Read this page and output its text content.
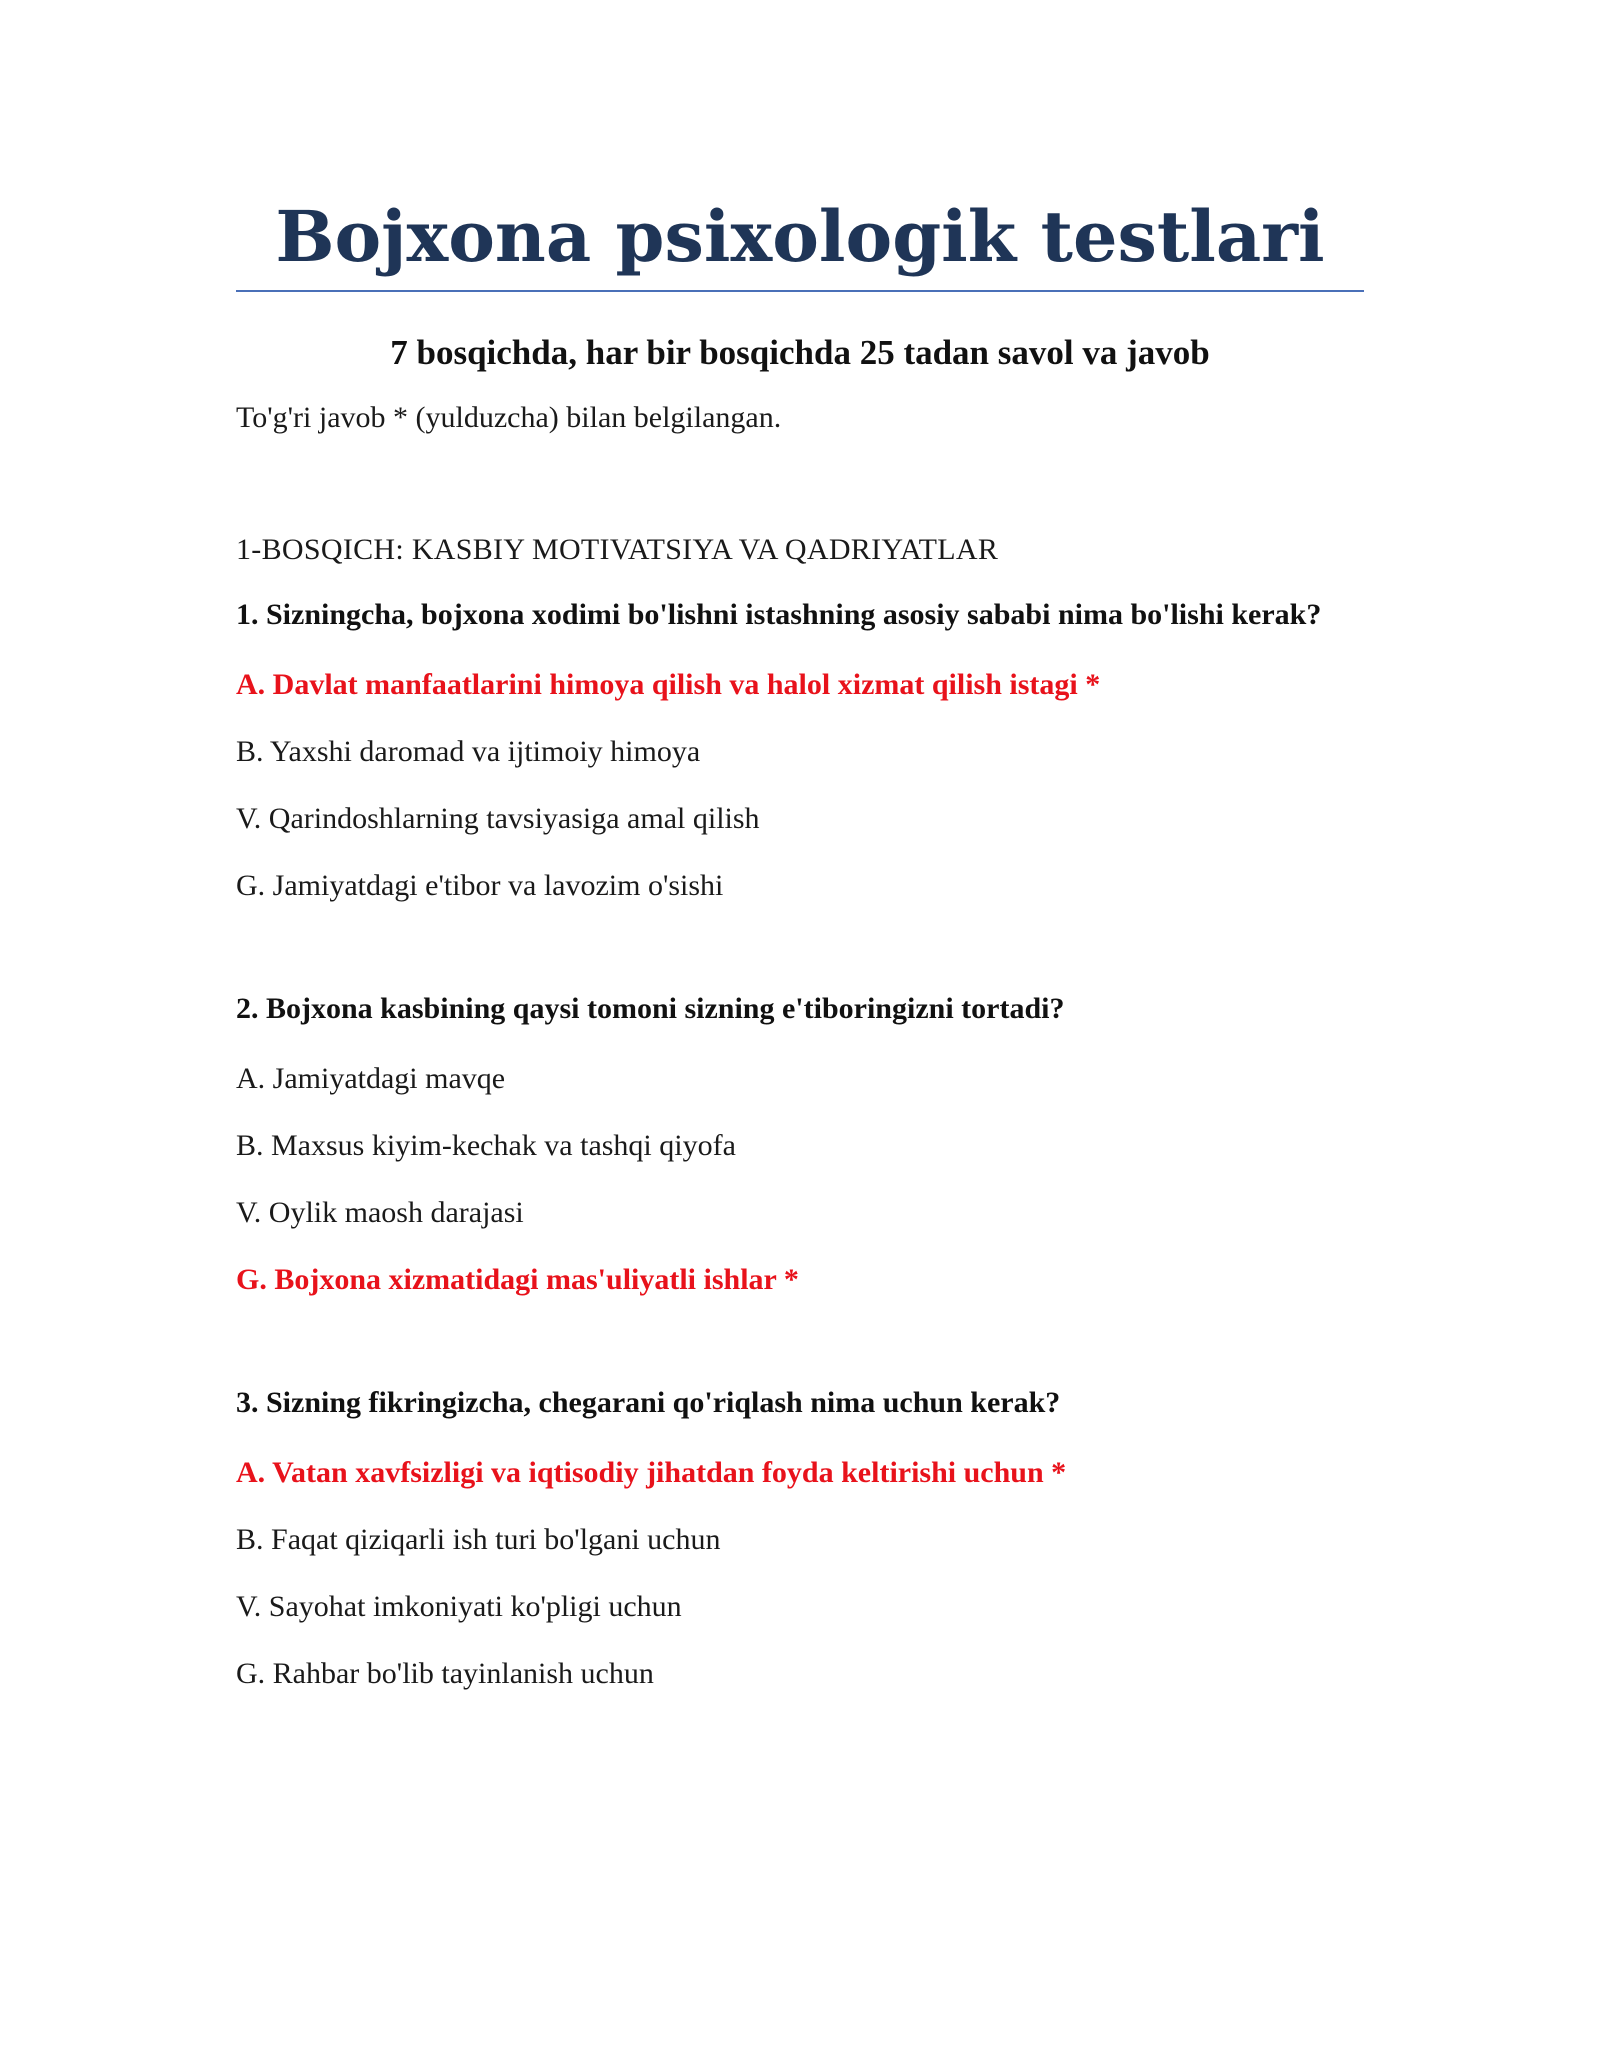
Bojxona psixologik testlari
7 bosqichda, har bir bosqichda 25 tadan savol va javob

To'g'ri javob * (yulduzcha) bilan belgilangan.

1-BOSQICH: KASBIY MOTIVATSIYA VA QADRIYATLAR

1. Sizningcha, bojxona xodimi bo'lishni istashning asosiy sababi nima bo'lishi kerak?

A. Davlat manfaatlarini himoya qilish va halol xizmat qilish istagi *

B. Yaxshi daromad va ijtimoiy himoya

V. Qarindoshlarning tavsiyasiga amal qilish

G. Jamiyatdagi e'tibor va lavozim o'sishi

2. Bojxona kasbining qaysi tomoni sizning e'tiboringizni tortadi?

A. Jamiyatdagi mavqe

B. Maxsus kiyim-kechak va tashqi qiyofa

V. Oylik maosh darajasi

G. Bojxona xizmatidagi mas'uliyatli ishlar *

3. Sizning fikringizcha, chegarani qo'riqlash nima uchun kerak?

A. Vatan xavfsizligi va iqtisodiy jihatdan foyda keltirishi uchun *

B. Faqat qiziqarli ish turi bo'lgani uchun

V. Sayohat imkoniyati ko'pligi uchun

G. Rahbar bo'lib tayinlanish uchun
